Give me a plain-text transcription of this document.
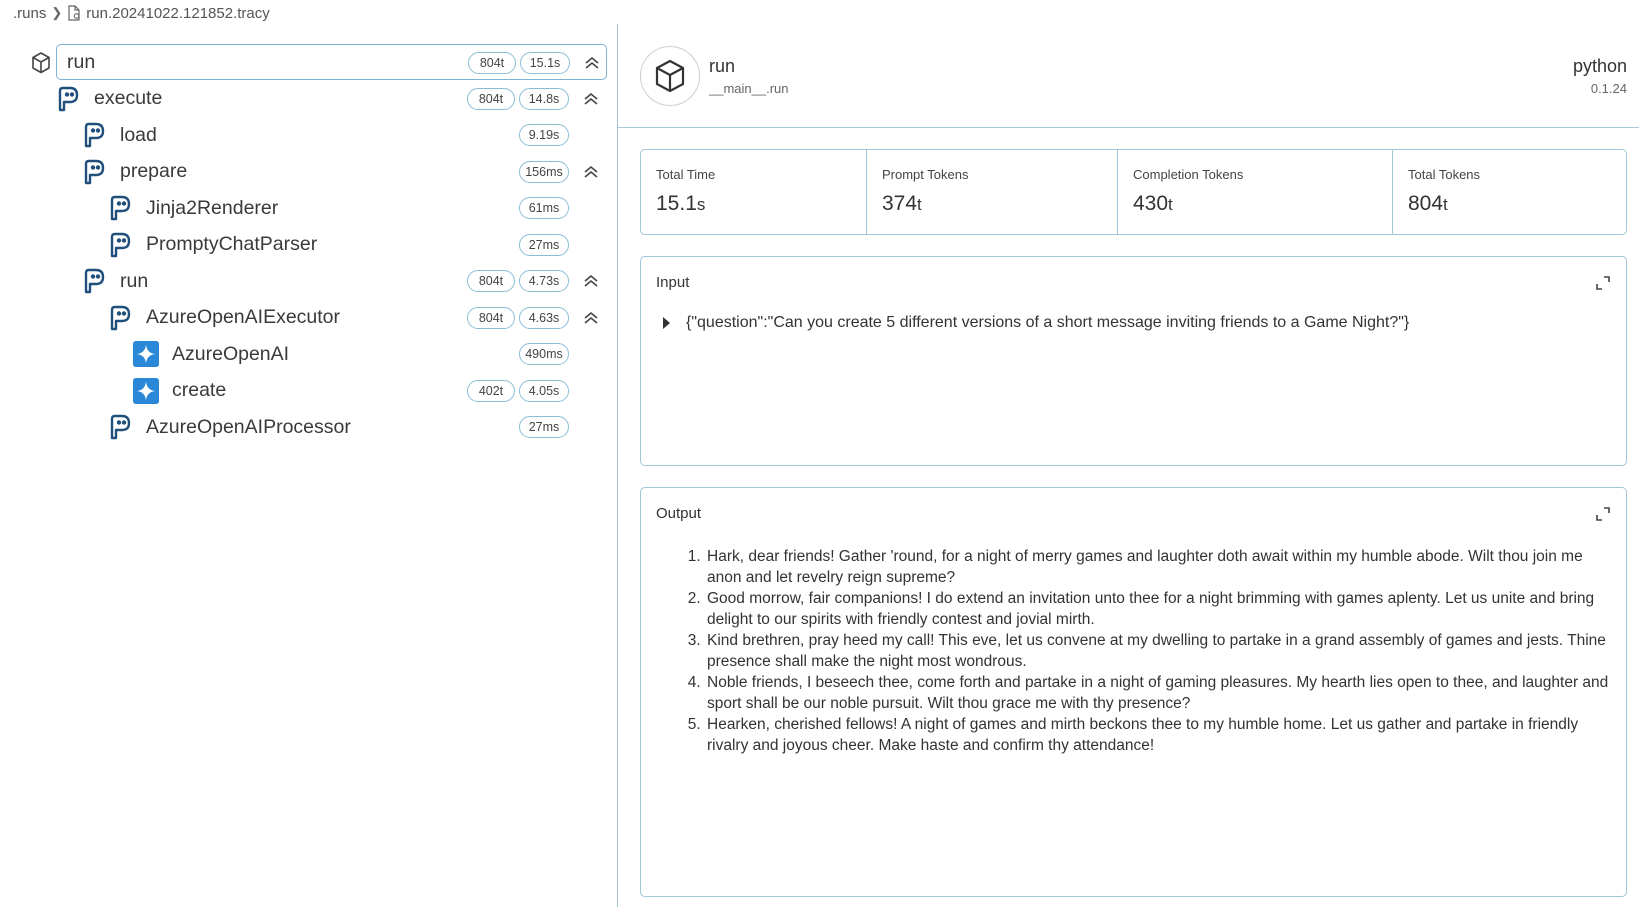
.runs ❯ run.20241022.121852.tracy
run	804t	15.1s
execute	804t	14.8s
load	9.19s
prepare	156ms
Jinja2Renderer	61ms
PromptyChatParser	27ms
run	804t	4.73s
AzureOpenAIExecutor	804t	4.63s
AzureOpenAI	490ms
create	402t	4.05s
AzureOpenAIProcessor	27ms
run
__main__.run
python
0.1.24
Total Time
15.1s
Prompt Tokens
374t
Completion Tokens
430t
Total Tokens
804t
Input
{"question":"Can you create 5 different versions of a short message inviting friends to a Game Night?"}
Output
1. Hark, dear friends! Gather 'round, for a night of merry games and laughter doth await within my humble abode. Wilt thou join me anon and let revelry reign supreme?
2. Good morrow, fair companions! I do extend an invitation unto thee for a night brimming with games aplenty. Let us unite and bring delight to our spirits with friendly contest and jovial mirth.
3. Kind brethren, pray heed my call! This eve, let us convene at my dwelling to partake in a grand assembly of games and jests. Thine presence shall make the night most wondrous.
4. Noble friends, I beseech thee, come forth and partake in a night of gaming pleasures. My hearth lies open to thee, and laughter and sport shall be our noble pursuit. Wilt thou grace me with thy presence?
5. Hearken, cherished fellows! A night of games and mirth beckons thee to my humble home. Let us gather and partake in friendly rivalry and joyous cheer. Make haste and confirm thy attendance!
